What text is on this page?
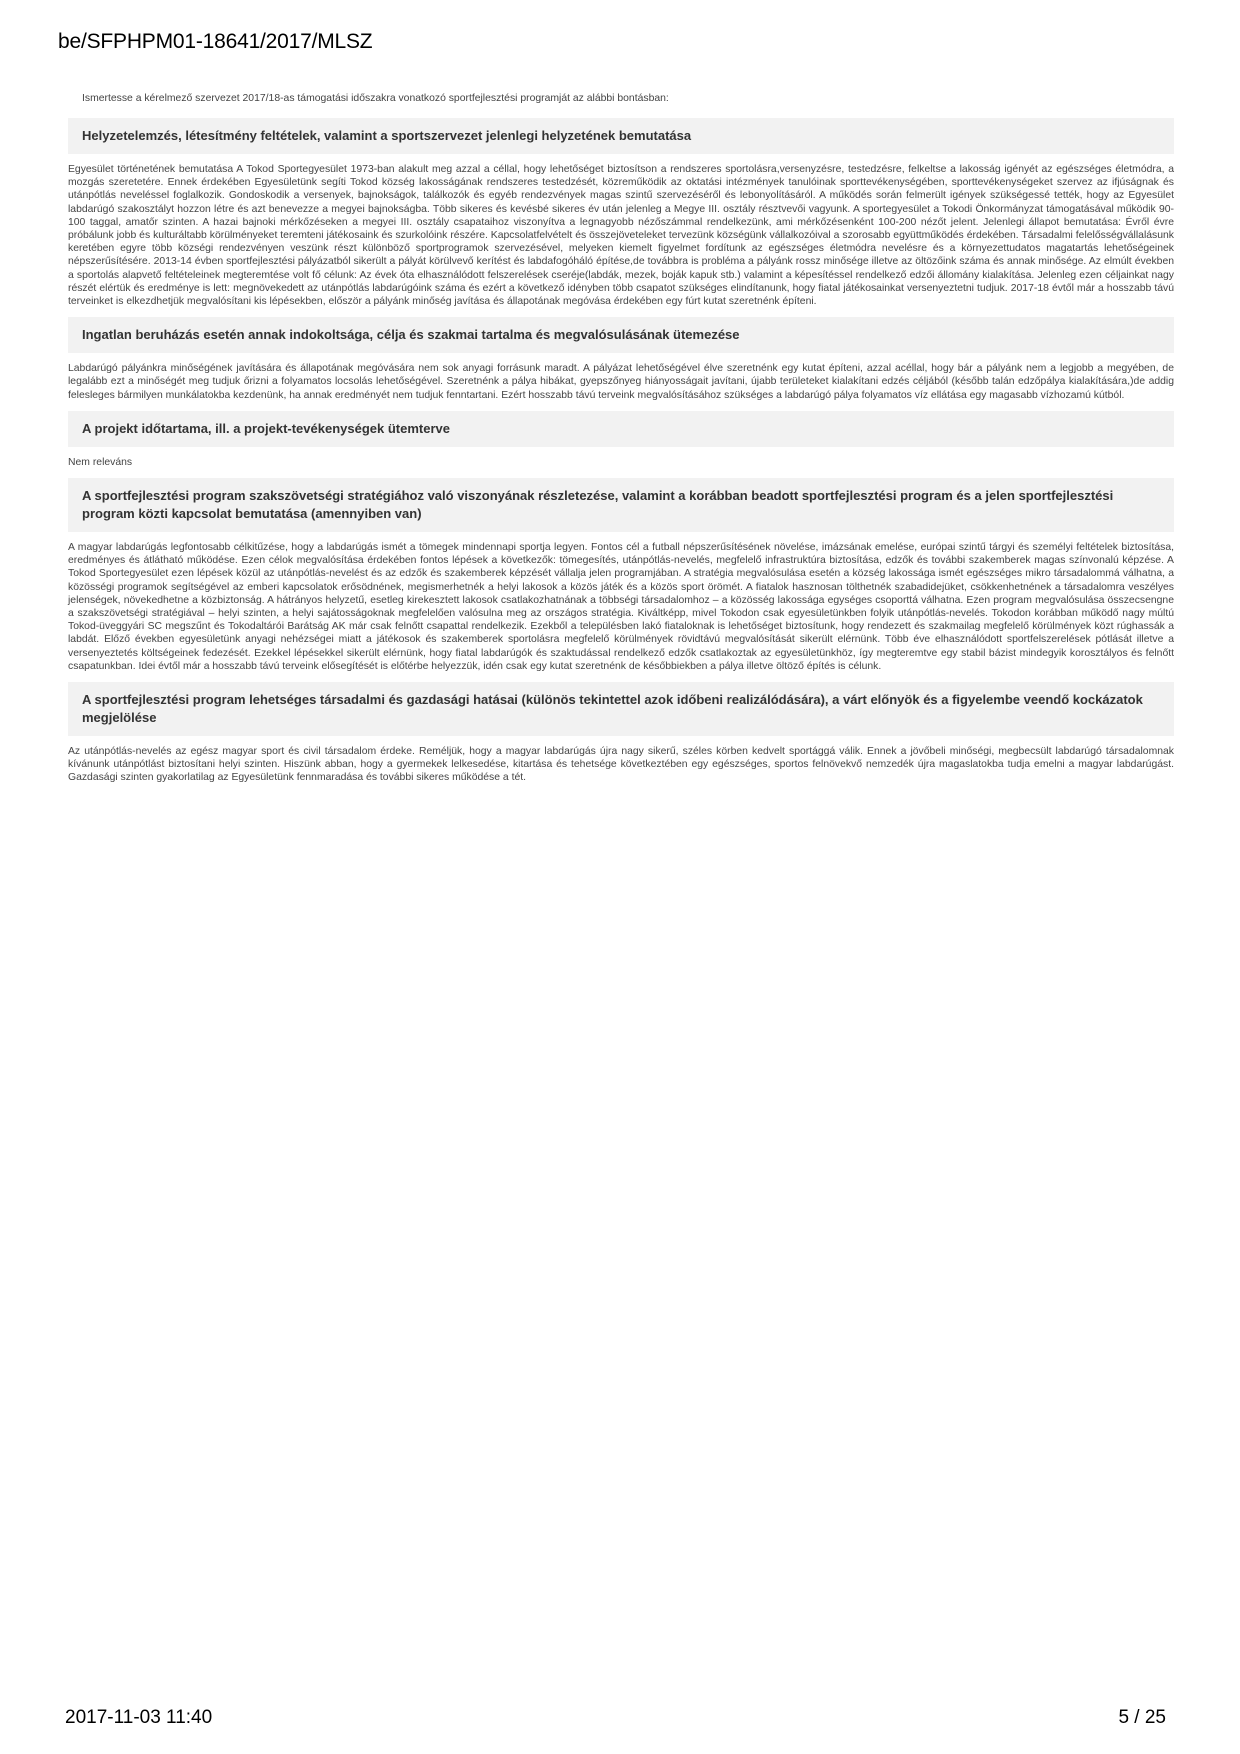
be/SFPHPM01-18641/2017/MLSZ

Ismertesse a kérelmező szervezet 2017/18-as támogatási időszakra vonatkozó sportfejlesztési programját az alábbi bontásban:

Helyzetelemzés, létesítmény feltételek, valamint a sportszervezet jelenlegi helyzetének bemutatása
Egyesület történetének bemutatása A Tokod Sportegyesület 1973-ban alakult meg azzal a céllal, hogy lehetőséget biztosítson a rendszeres sportolásra,versenyzésre, testedzésre, felkeltse a lakosság igényét az egészséges életmódra, a mozgás szeretetére. Ennek érdekében Egyesületünk segíti Tokod község lakosságának rendszeres testedzését, közreműködik az oktatási intézmények tanulóinak sporttevékenységében, sporttevékenységeket szervez az ifjúságnak és utánpótlás neveléssel foglalkozik. Gondoskodik a versenyek, bajnokságok, találkozók és egyéb rendezvények magas szintű szervezéséről és lebonyolításáról. A működés során felmerült igények szükségessé tették, hogy az Egyesület labdarúgó szakosztályt hozzon létre és azt benevezze a megyei bajnokságba. Több sikeres és kevésbé sikeres év után jelenleg a Megye III. osztály résztvevői vagyunk. A sportegyesület a Tokodi Önkormányzat támogatásával működik 90-100 taggal, amatőr szinten. A hazai bajnoki mérkőzéseken a megyei III. osztály csapataihoz viszonyítva a legnagyobb nézőszámmal rendelkezünk, ami mérkőzésenként 100-200 nézőt jelent. Jelenlegi állapot bemutatása: Évről évre próbálunk jobb és kulturáltabb körülményeket teremteni játékosaink és szurkolóink részére. Kapcsolatfelvételt és összejöveteleket tervezünk községünk vállalkozóival a szorosabb együttműködés érdekében. Társadalmi felelősségvállalásunk keretében egyre több községi rendezvényen veszünk részt különböző sportprogramok szervezésével, melyeken kiemelt figyelmet fordítunk az egészséges életmódra nevelésre és a környezettudatos magatartás lehetőségeinek népszerűsítésére. 2013-14 évben sportfejlesztési pályázatból sikerült a pályát körülvevő kerítést és labdafogóháló építése,de továbbra is probléma a pályánk rossz minősége illetve az öltözőink száma és annak minősége. Az elmúlt években a sportolás alapvető feltételeinek megteremtése volt fő célunk: Az évek óta elhasználódott felszerelések cseréje(labdák, mezek, boják kapuk stb.) valamint a képesítéssel rendelkező edzői állomány kialakítása. Jelenleg ezen céljainkat nagy részét elértük és eredménye is lett: megnövekedett az utánpótlás labdarúgóink száma és ezért a következő idényben több csapatot szükséges elindítanunk, hogy fiatal játékosainkat versenyeztetni tudjuk. 2017-18 évtől már a hosszabb távú terveinket is elkezdhetjük megvalósítani kis lépésekben, először a pályánk minőség javítása és állapotának megóvása érdekében egy fúrt kutat szeretnénk építeni.
Ingatlan beruházás esetén annak indokoltsága, célja és szakmai tartalma és megvalósulásának ütemezése
Labdarúgó pályánkra minőségének javítására és állapotának megóvására nem sok anyagi forrásunk maradt. A pályázat lehetőségével élve szeretnénk egy kutat építeni, azzal acéllal, hogy bár a pályánk nem a legjobb a megyében, de legalább ezt a minőségét meg tudjuk őrizni a folyamatos locsolás lehetőségével. Szeretnénk a pálya hibákat, gyepszőnyeg hiányosságait javítani, újabb területeket kialakítani edzés céljából (később talán edzőpálya kialakítására,)de addig felesleges bármilyen munkálatokba kezdenünk, ha annak eredményét nem tudjuk fenntartani. Ezért hosszabb távú terveink megvalósításához szükséges a labdarúgó pálya folyamatos víz ellátása egy magasabb vízhozamú kútból.
A projekt időtartama, ill. a projekt-tevékenységek ütemterve
Nem releváns
A sportfejlesztési program szakszövetségi stratégiához való viszonyának részletezése, valamint a korábban beadott sportfejlesztési program és a jelen sportfejlesztési program közti kapcsolat bemutatása (amennyiben van)
A magyar labdarúgás legfontosabb célkitűzése, hogy a labdarúgás ismét a tömegek mindennapi sportja legyen. Fontos cél a futball népszerűsítésének növelése, imázsának emelése, európai szintű tárgyi és személyi feltételek biztosítása, eredményes és átlátható működése. Ezen célok megvalósítása érdekében fontos lépések a következők: tömegesítés, utánpótlás-nevelés, megfelelő infrastruktúra biztosítása, edzők és további szakemberek magas színvonalú képzése. A Tokod Sportegyesület ezen lépések közül az utánpótlás-nevelést és az edzők és szakemberek képzését vállalja jelen programjában. A stratégia megvalósulása esetén a község lakossága ismét egészséges mikro társadalommá válhatna, a közösségi programok segítségével az emberi kapcsolatok erősödnének, megismerhetnék a helyi lakosok a közös játék és a közös sport örömét. A fiatalok hasznosan tölthetnék szabadidejüket, csökkenhetnének a társadalomra veszélyes jelenségek, növekedhetne a közbiztonság. A hátrányos helyzetű, esetleg kirekesztett lakosok csatlakozhatnának a többségi társadalomhoz – a közösség lakossága egységes csoporttá válhatna. Ezen program megvalósulása összecsengne a szakszövetségi stratégiával – helyi szinten, a helyi sajátosságoknak megfelelően valósulna meg az országos stratégia. Kiváltképp, mivel Tokodon csak egyesületünkben folyik utánpótlás-nevelés. Tokodon korábban működő nagy múltú Tokod-üveggyári SC megszűnt és Tokodaltárói Barátság AK már csak felnőtt csapattal rendelkezik. Ezekből a településben lakó fiataloknak is lehetőséget biztosítunk, hogy rendezett és szakmailag megfelelő körülmények közt rúghassák a labdát. Előző években egyesületünk anyagi nehézségei miatt a játékosok és szakemberek sportolásra megfelelő körülmények rövidtávú megvalósítását sikerült elérnünk. Több éve elhasználódott sportfelszerelések pótlását illetve a versenyeztetés költségeinek fedezését. Ezekkel lépésekkel sikerült elérnünk, hogy fiatal labdarúgók és szaktudással rendelkező edzők csatlakoztak az egyesületünkhöz, így megteremtve egy stabil bázist mindegyik korosztályos és felnőtt csapatunkban. Idei évtől már a hosszabb távú terveink elősegítését is előtérbe helyezzük, idén csak egy kutat szeretnénk de későbbiekben a pálya illetve öltöző építés is célunk.
A sportfejlesztési program lehetséges társadalmi és gazdasági hatásai (különös tekintettel azok időbeni realizálódására), a várt előnyök és a figyelembe veendő kockázatok megjelölése
Az utánpótlás-nevelés az egész magyar sport és civil társadalom érdeke. Reméljük, hogy a magyar labdarúgás újra nagy sikerű, széles körben kedvelt sportággá válik. Ennek a jövőbeli minőségi, megbecsült labdarúgó társadalomnak kívánunk utánpótlást biztosítani helyi szinten. Hiszünk abban, hogy a gyermekek lelkesedése, kitartása és tehetsége következtében egy egészséges, sportos felnövekvő nemzedék újra magaslatokba tudja emelni a magyar labdarúgást. Gazdasági szinten gyakorlatilag az Egyesületünk fennmaradása és további sikeres működése a tét.
2017-11-03 11:40	5 / 25
